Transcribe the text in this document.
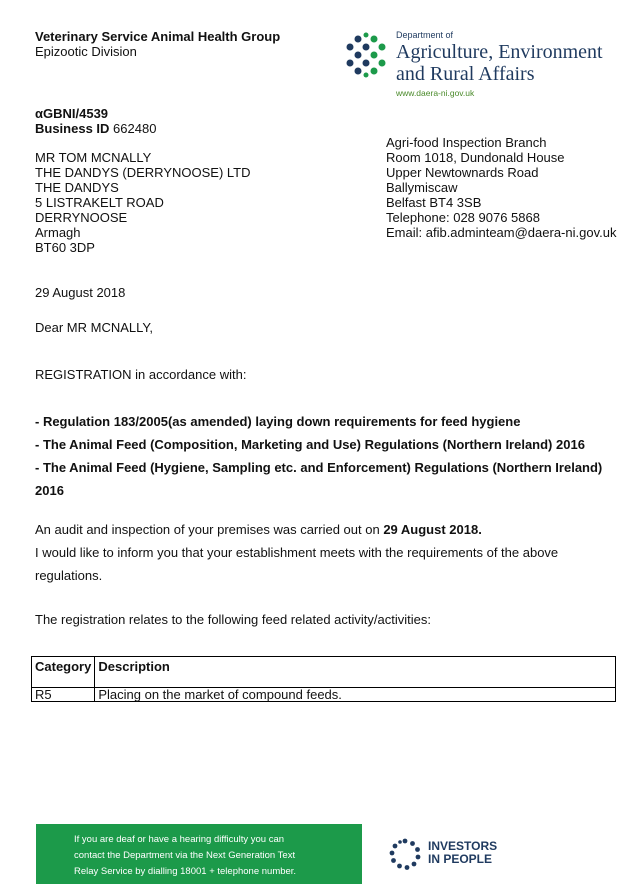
Veterinary Service Animal Health Group
Epizootic Division
Department of
Agriculture, Environment
and Rural Affairs
www.daera-ni.gov.uk
αGBNI/4539
Business ID 662480
MR TOM MCNALLY
THE DANDYS (DERRYNOOSE) LTD
THE DANDYS
5 LISTRAKELT ROAD
DERRYNOOSE
Armagh
BT60 3DP
Agri-food Inspection Branch
Room 1018, Dundonald House
Upper Newtownards Road
Ballymiscaw
Belfast BT4 3SB
Telephone: 028 9076 5868
Email: afib.adminteam@daera-ni.gov.uk
29 August 2018
Dear MR MCNALLY,
REGISTRATION in accordance with:
- Regulation 183/2005(as amended) laying down requirements for feed hygiene
- The Animal Feed (Composition, Marketing and Use) Regulations (Northern Ireland) 2016
- The Animal Feed (Hygiene, Sampling etc. and Enforcement) Regulations (Northern Ireland) 2016
An audit and inspection of your premises was carried out on 29 August 2018.
I would like to inform you that your establishment meets with the requirements of the above regulations.
The registration relates to the following feed related activity/activities:
Category	Description
R5	Placing on the market of compound feeds.
If you are deaf or have a hearing difficulty you can
contact the Department via the Next Generation Text
Relay Service by dialling 18001 + telephone number.
INVESTORS
IN PEOPLE
